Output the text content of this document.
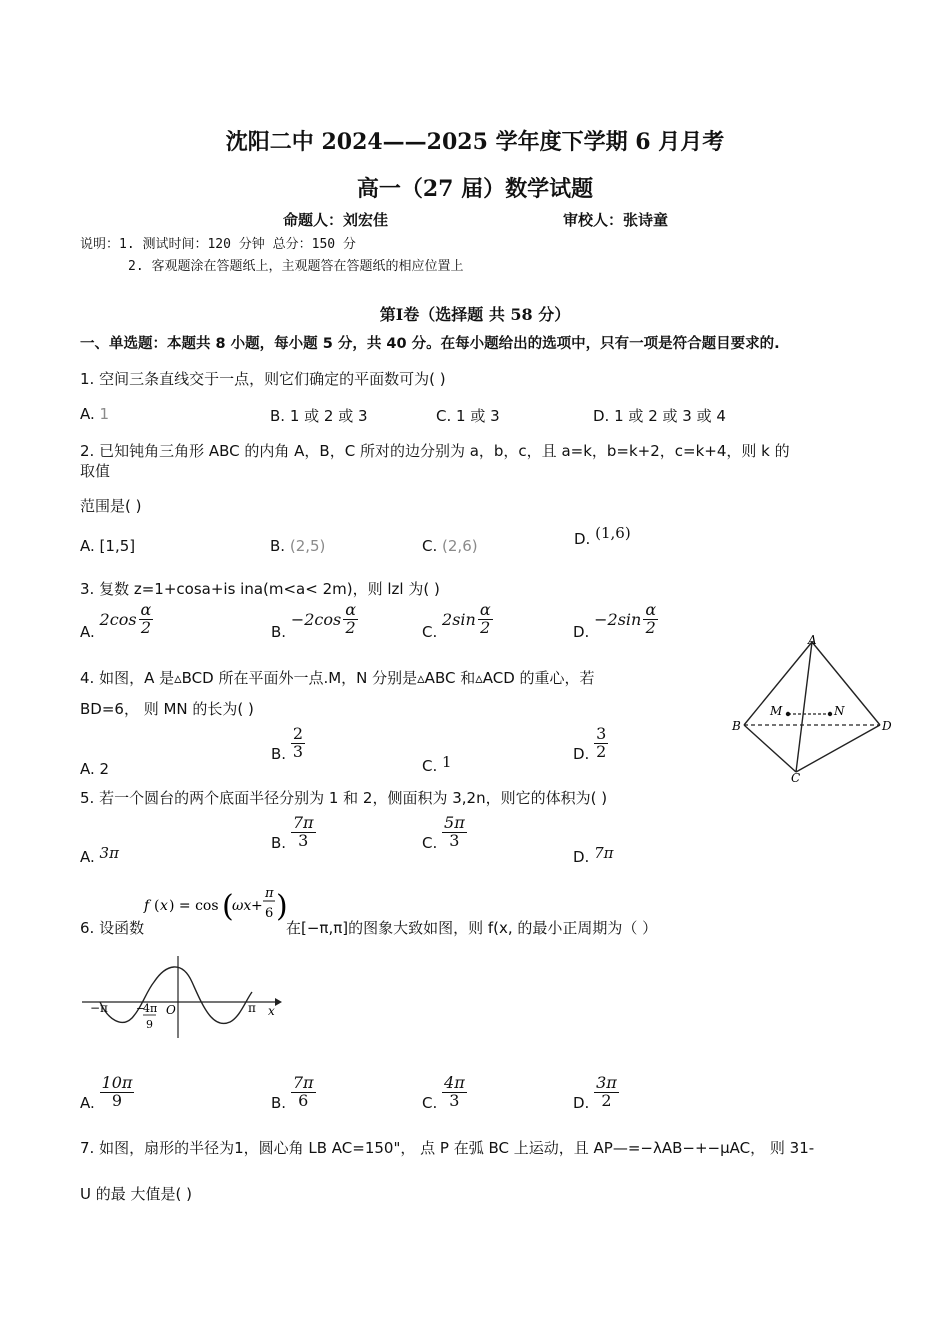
沈阳二中 2024——2025 学年度下学期 6 月月考
高一（27 届）数学试题
命题人：刘宏佳	审校人：张诗童
说明：1. 测试时间：120 分钟 总分：150 分
2. 客观题涂在答题纸上，主观题答在答题纸的相应位置上
第Ⅰ卷（选择题 共 58 分）
一、单选题：本题共 8 小题，每小题 5 分，共 40 分。在每小题给出的选项中，只有一项是符合题目要求的.
1. 空间三条直线交于一点，则它们确定的平面数可为( )
A. 1	B. 1 或 2 或 3	C. 1 或 3	D. 1 或 2 或 3 或 4
2. 已知钝角三角形 ABC 的内角 A，B，C 所对的边分别为 a，b，c，且 a=k，b=k+2，c=k+4，则 k 的
取值
范围是( )
A. [1,5]	B. (2,5)	C. (2,6)	D. (1,6)
3. 复数 z=1+cosa+is ina(m<a< 2m)，则 lzl 为( )
A. $2\cos \frac{\alpha}{2}$	B. $-2\cos \frac{\alpha}{2}$	C. $2\sin \frac{\alpha}{2}$	D. $-2\sin \frac{\alpha}{2}$
4. 如图，A 是▵BCD 所在平面外一点.M，N 分别是▵ABC 和▵ACD 的重心，若
BD=6， 则 MN 的长为( )
A. 2
B. $\frac{2}{3}$
C. 1	D. $\frac{3}{2}$
A
B
C
D
M	N
5. 若一个圆台的两个底面半径分别为 1 和 2，侧面积为 3,2n，则它的体积为( )
A. 3π
B. $\frac{7\pi}{3}$	C. $\frac{5\pi}{3}$
D. 7π
6. 设函数
f ( x ) = cos (
ωx +
π
6 )
在[−π,π]的图象大致如图，则 f(x, 的最小正周期为（ ）
−π	π
O	x
−
4π
9
A. $\frac{10\pi}{9}$	B. $\frac{7\pi}{6}$	C. $\frac{4\pi}{3}$	D. $\frac{3\pi}{2}$
7. 如图，扇形的半径为1，圆心角 LB AC=150"， 点 P 在弧 BC 上运动，且 AP—=−λAB−+−μAC， 则 31-
U 的最 大值是( )
